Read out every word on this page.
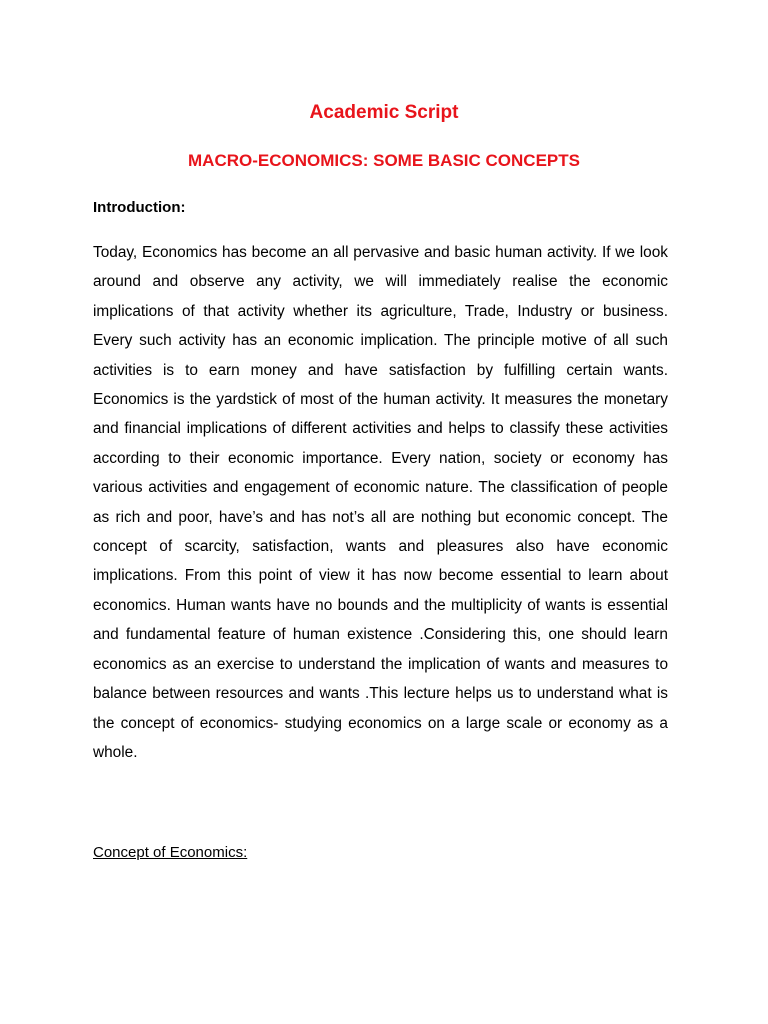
Academic Script
MACRO-ECONOMICS: SOME BASIC CONCEPTS
Introduction:

Today, Economics has become an all pervasive and basic human activity. If we look around and observe any activity, we will immediately realise the economic implications of that activity whether its agriculture, Trade, Industry or business. Every such activity has an economic implication. The principle motive of all such activities is to earn money and have satisfaction by fulfilling certain wants. Economics is the yardstick of most of the human activity. It measures the monetary and financial implications of different activities and helps to classify these activities according to their economic importance. Every nation, society or economy has various activities and engagement of economic nature. The classification of people as rich and poor, have’s and has not’s all are nothing but economic concept. The concept of scarcity, satisfaction, wants and pleasures also have economic implications. From this point of view it has now become essential to learn about economics. Human wants have no bounds and the multiplicity of wants is essential and fundamental feature of human existence .Considering this, one should learn economics as an exercise to understand the implication of wants and measures to balance between resources and wants .This lecture helps us to understand what is the concept of economics- studying economics on a large scale or economy as a whole.

Concept of Economics:
